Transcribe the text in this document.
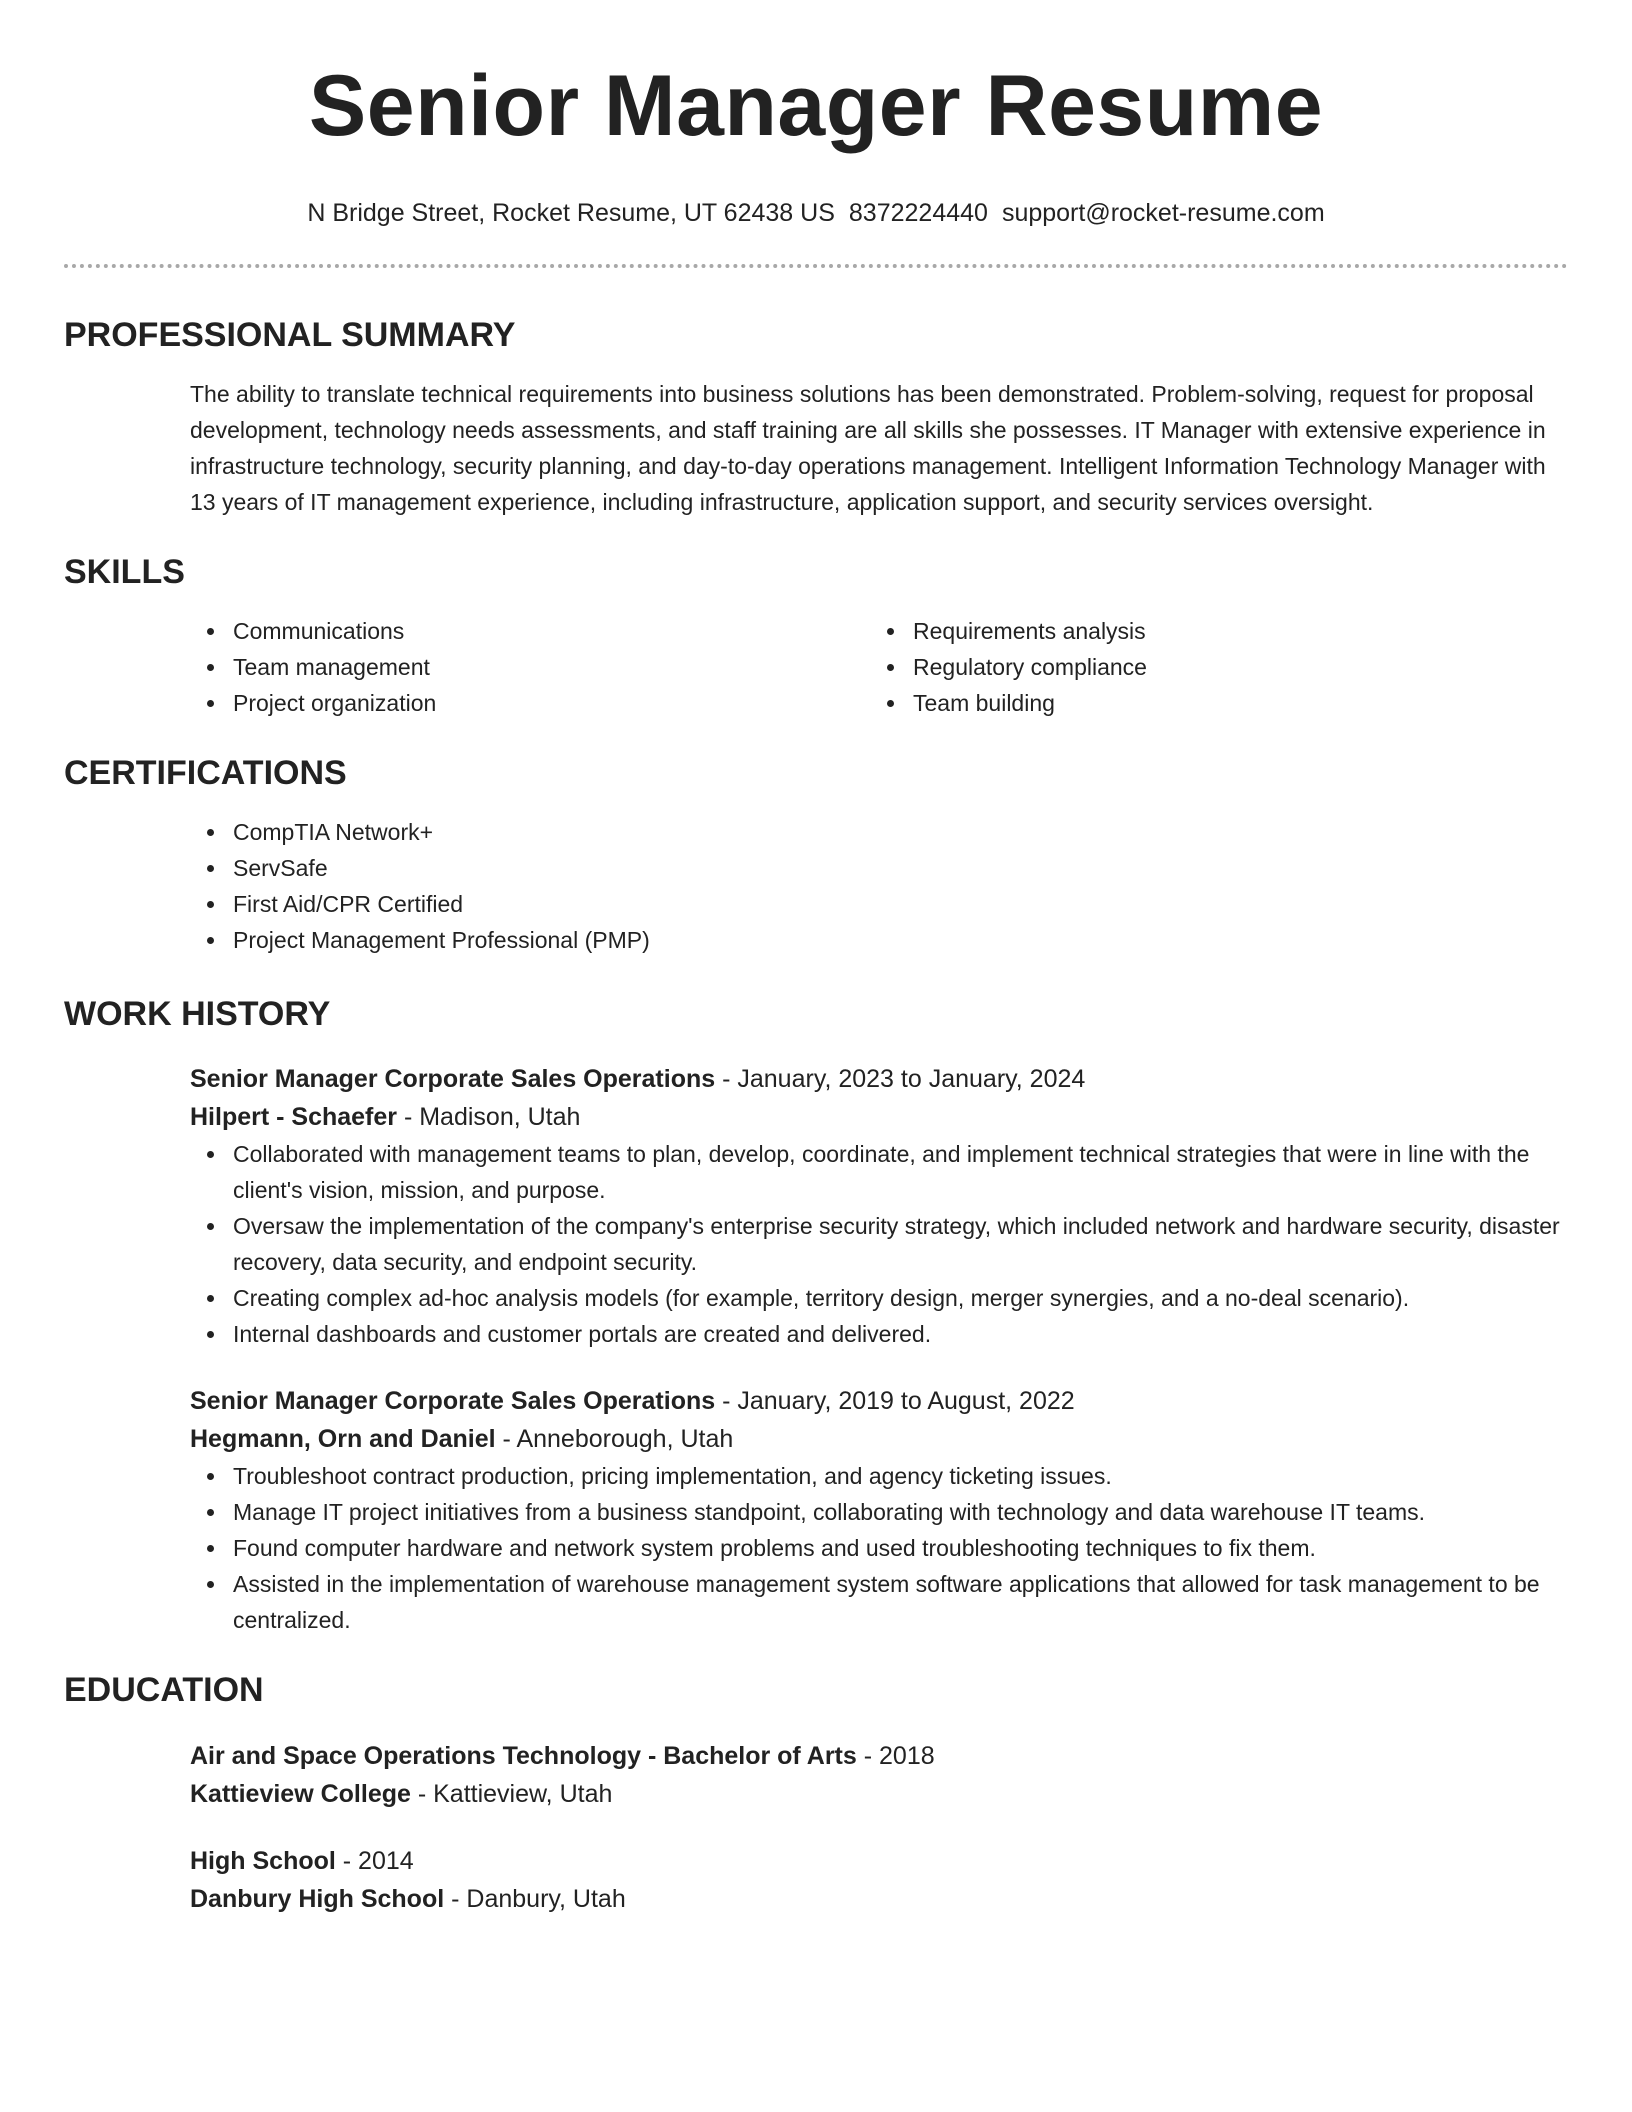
Senior Manager Resume
N Bridge Street, Rocket Resume, UT 62438 US 8372224440 support@rocket-resume.com
PROFESSIONAL SUMMARY
The ability to translate technical requirements into business solutions has been demonstrated. Problem-solving, request for proposal development, technology needs assessments, and staff training are all skills she possesses. IT Manager with extensive experience in infrastructure technology, security planning, and day-to-day operations management. Intelligent Information Technology Manager with 13 years of IT management experience, including infrastructure, application support, and security services oversight.
SKILLS
Communications
Team management
Project organization
Requirements analysis
Regulatory compliance
Team building
CERTIFICATIONS
CompTIA Network+
ServSafe
First Aid/CPR Certified
Project Management Professional (PMP)
WORK HISTORY
Senior Manager Corporate Sales Operations - January, 2023 to January, 2024
Hilpert - Schaefer - Madison, Utah
Collaborated with management teams to plan, develop, coordinate, and implement technical strategies that were in line with the client's vision, mission, and purpose.
Oversaw the implementation of the company's enterprise security strategy, which included network and hardware security, disaster recovery, data security, and endpoint security.
Creating complex ad-hoc analysis models (for example, territory design, merger synergies, and a no-deal scenario).
Internal dashboards and customer portals are created and delivered.
Senior Manager Corporate Sales Operations - January, 2019 to August, 2022
Hegmann, Orn and Daniel - Anneborough, Utah
Troubleshoot contract production, pricing implementation, and agency ticketing issues.
Manage IT project initiatives from a business standpoint, collaborating with technology and data warehouse IT teams.
Found computer hardware and network system problems and used troubleshooting techniques to fix them.
Assisted in the implementation of warehouse management system software applications that allowed for task management to be centralized.
EDUCATION
Air and Space Operations Technology - Bachelor of Arts - 2018
Kattieview College - Kattieview, Utah
High School - 2014
Danbury High School - Danbury, Utah
